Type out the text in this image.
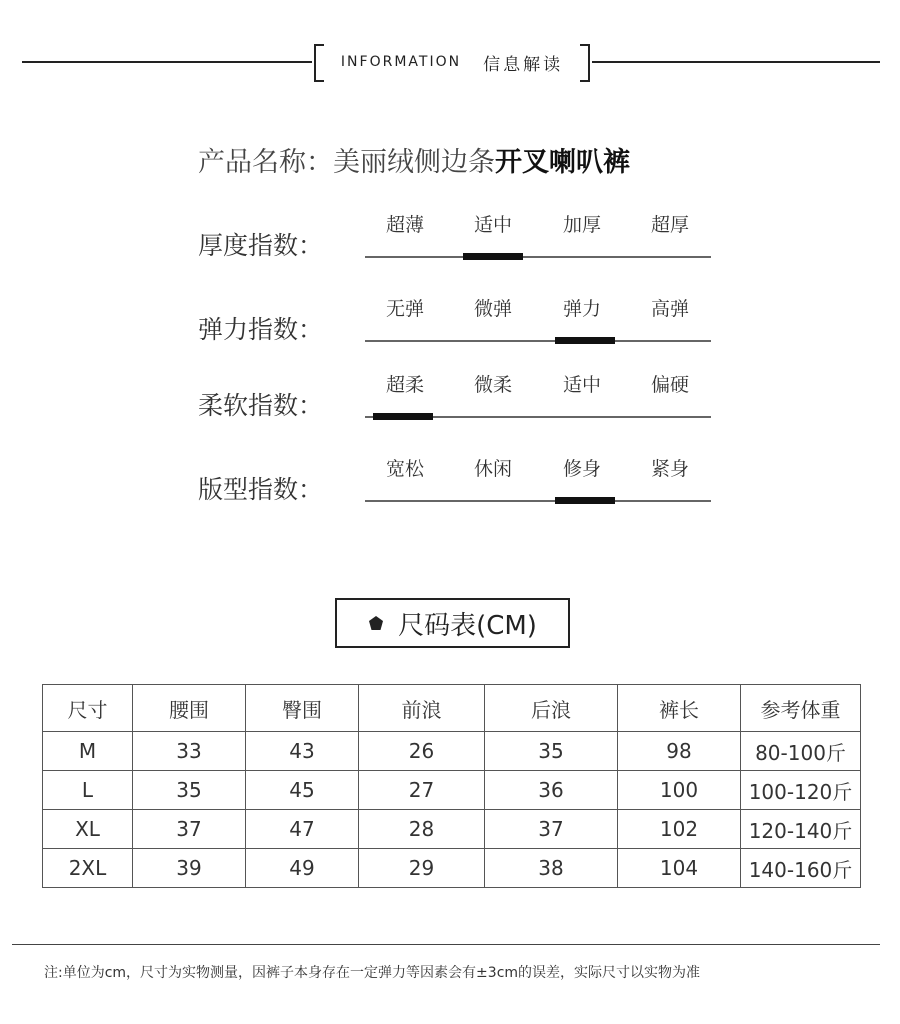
INFORMATION 信息解读
产品名称：美丽绒侧边条开叉喇叭裤
厚度指数：
超薄	适中	加厚	超厚
弹力指数：
无弹	微弹	弹力	高弹
柔软指数：
超柔	微柔	适中	偏硬
版型指数：
宽松	休闲	修身	紧身
尺码表(CM)
尺寸	腰围	臀围	前浪	后浪	裤长	参考体重
M	33	43	26	35	98	80-100斤
L	35	45	27	36	100	100-120斤
XL	37	47	28	37	102	120-140斤
2XL	39	49	29	38	104	140-160斤
注:单位为cm，尺寸为实物测量，因裤子本身存在一定弹力等因素会有±3cm的误差，实际尺寸以实物为准
